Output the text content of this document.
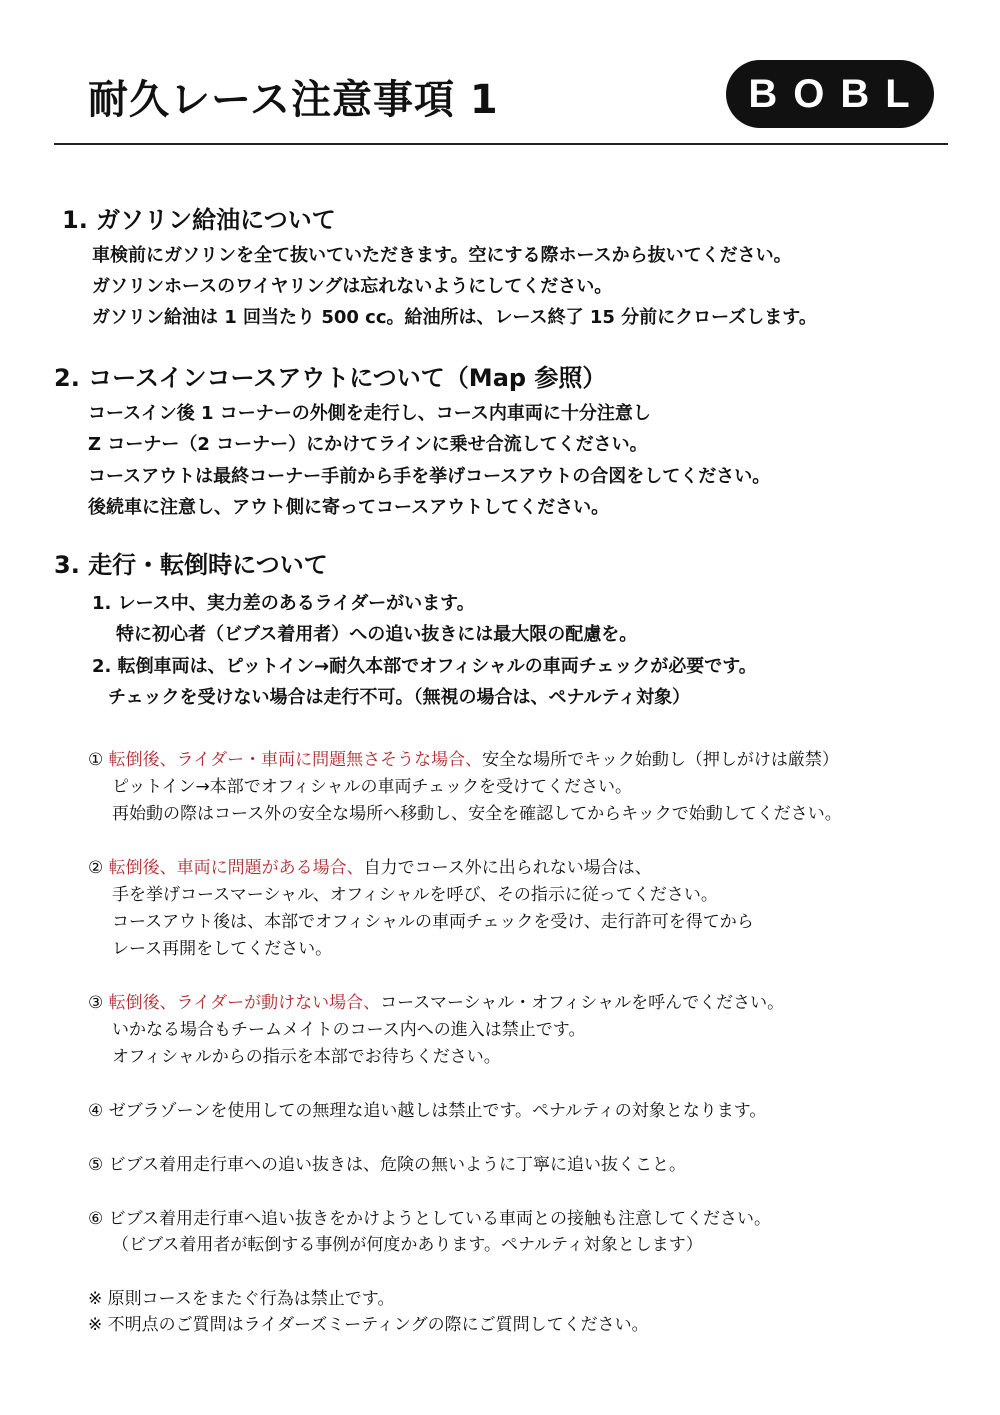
耐久レース注意事項 1	BOBL
1. ガソリン給油について
車検前にガソリンを全て抜いていただきます。空にする際ホースから抜いてください。
ガソリンホースのワイヤリングは忘れないようにしてください。
ガソリン給油は 1 回当たり 500 cc。給油所は、レース終了 15 分前にクローズします。
2. コースインコースアウトについて（Map 参照）
コースイン後 1 コーナーの外側を走行し、コース内車両に十分注意し
Z コーナー（2 コーナー）にかけてラインに乗せ合流してください。
コースアウトは最終コーナー手前から手を挙げコースアウトの合図をしてください。
後続車に注意し、アウト側に寄ってコースアウトしてください。
3. 走行・転倒時について
1. レース中、実力差のあるライダーがいます。
特に初心者（ビブス着用者）への追い抜きには最大限の配慮を。
2. 転倒車両は、ピットイン→耐久本部でオフィシャルの車両チェックが必要です。
チェックを受けない場合は走行不可。（無視の場合は、ペナルティ対象）
① 転倒後、ライダー・車両に問題無さそうな場合、安全な場所でキック始動し（押しがけは厳禁）
ピットイン→本部でオフィシャルの車両チェックを受けてください。
再始動の際はコース外の安全な場所へ移動し、安全を確認してからキックで始動してください。
② 転倒後、車両に問題がある場合、自力でコース外に出られない場合は、
手を挙げコースマーシャル、オフィシャルを呼び、その指示に従ってください。
コースアウト後は、本部でオフィシャルの車両チェックを受け、走行許可を得てから
レース再開をしてください。
③ 転倒後、ライダーが動けない場合、コースマーシャル・オフィシャルを呼んでください。
いかなる場合もチームメイトのコース内への進入は禁止です。
オフィシャルからの指示を本部でお待ちください。
④ ゼブラゾーンを使用しての無理な追い越しは禁止です。ペナルティの対象となります。
⑤ ビブス着用走行車への追い抜きは、危険の無いように丁寧に追い抜くこと。
⑥ ビブス着用走行車へ追い抜きをかけようとしている車両との接触も注意してください。
（ビブス着用者が転倒する事例が何度かあります。ペナルティ対象とします）
※ 原則コースをまたぐ行為は禁止です。
※ 不明点のご質問はライダーズミーティングの際にご質問してください。
